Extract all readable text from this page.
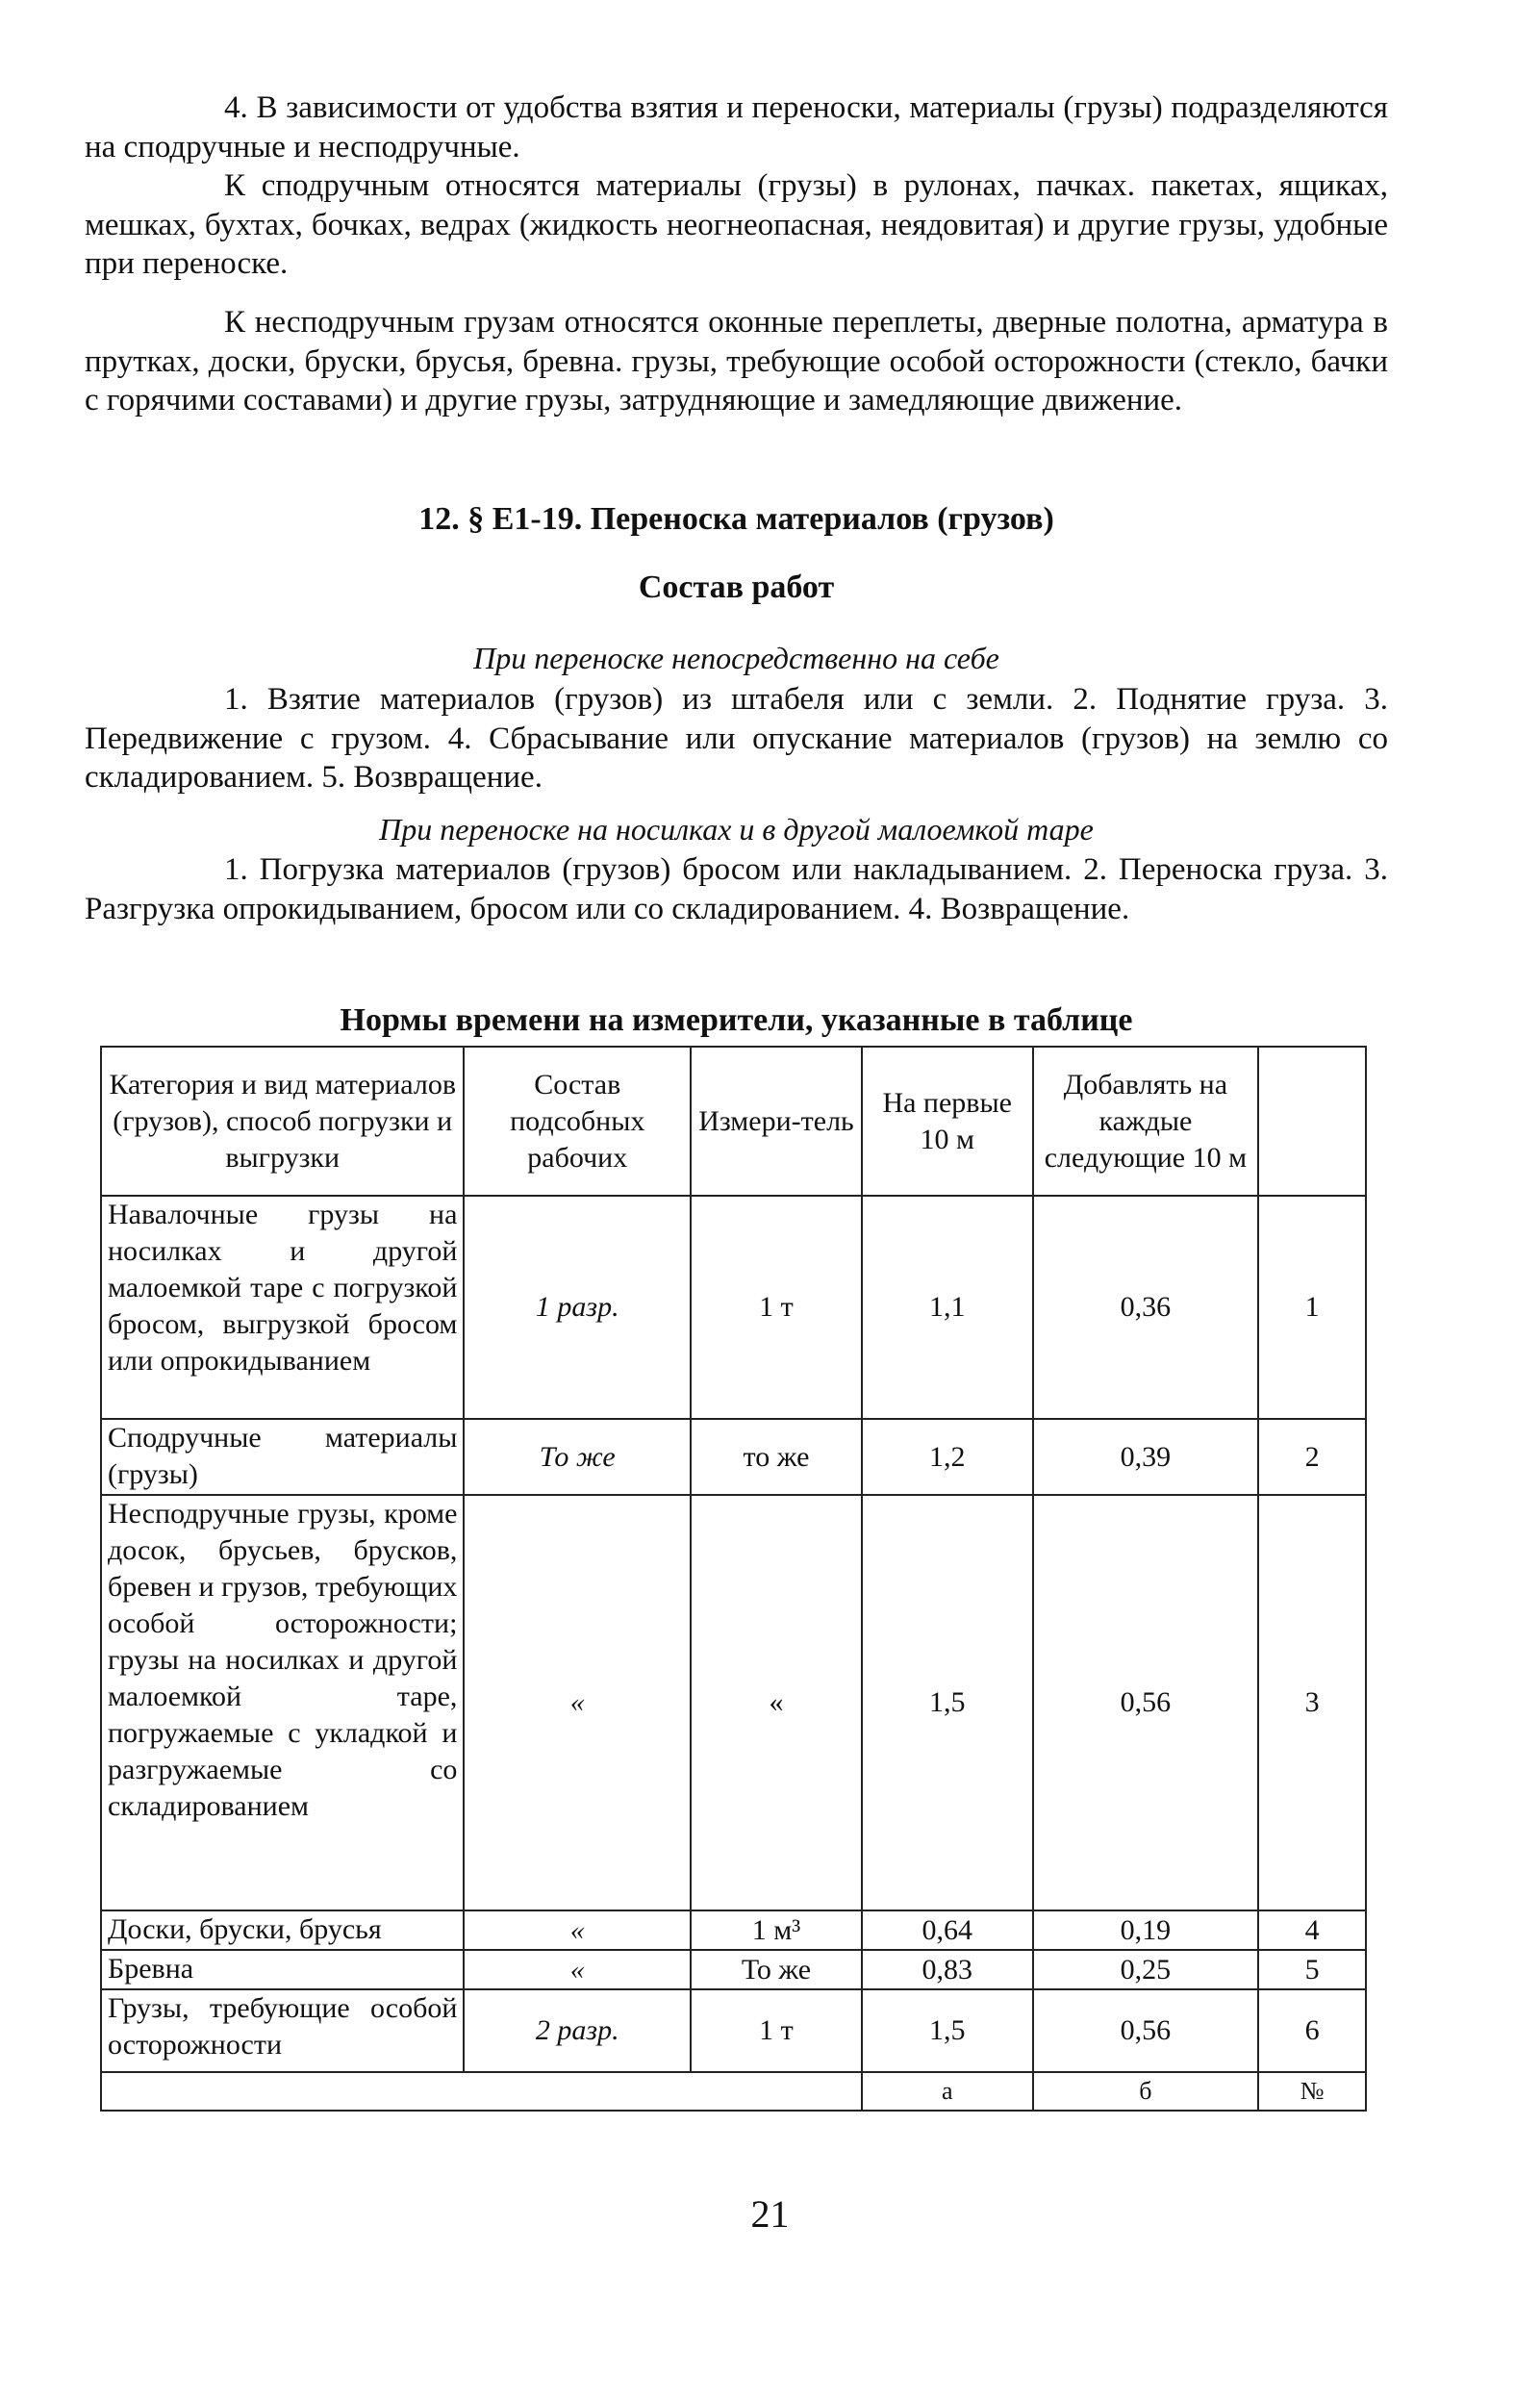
4. В зависимости от удобства взятия и переноски, материалы (грузы) подразделяются на сподручные и несподручные.

К сподручным относятся материалы (грузы) в рулонах, пачках. пакетах, ящиках, мешках, бухтах, бочках, ведрах (жидкость неогнеопасная, неядовитая) и другие грузы, удобные при переноске.

К несподручным грузам относятся оконные переплеты, дверные полотна, арматура в прутках, доски, бруски, брусья, бревна. грузы, требующие особой осторожности (стекло, бачки с горячими составами) и другие грузы, затрудняющие и замедляющие движение.

12. § Е1-19. Переноска материалов (грузов)

Состав работ

При переноске непосредственно на себе

1. Взятие материалов (грузов) из штабеля или с земли. 2. Поднятие груза. 3. Передвижение с грузом. 4. Сбрасывание или опускание материалов (грузов) на землю со складированием. 5. Возвращение.

При переноске на носилках и в другой малоемкой таре

1. Погрузка материалов (грузов) бросом или накладыванием. 2. Переноска груза. 3. Разгрузка опрокидыванием, бросом или со складированием. 4. Возвращение.

Нормы времени на измерители, указанные в таблице

Категория и вид материалов (грузов), способ погрузки и выгрузки	Состав подсобных рабочих	Измери-тель	На первые 10 м	Добавлять на каждые следующие 10 м	
Навалочные грузы на носилках и другой малоемкой таре с погрузкой бросом, выгрузкой бросом или опрокидыванием	1 разр.	1 т	1,1	0,36	1
Сподручные материалы (грузы)	То же	то же	1,2	0,39	2
Несподручные грузы, кроме досок, брусьев, брусков, бревен и грузов, требующих особой осторожности; грузы на носилках и другой малоемкой таре, погружаемые с укладкой и разгружаемые со складированием	«	«	1,5	0,56	3
Доски, бруски, брусья	«	1 м³	0,64	0,19	4
Бревна	«	То же	0,83	0,25	5
Грузы, требующие особой осторожности	2 разр.	1 т	1,5	0,56	6
			а	б	№

21
